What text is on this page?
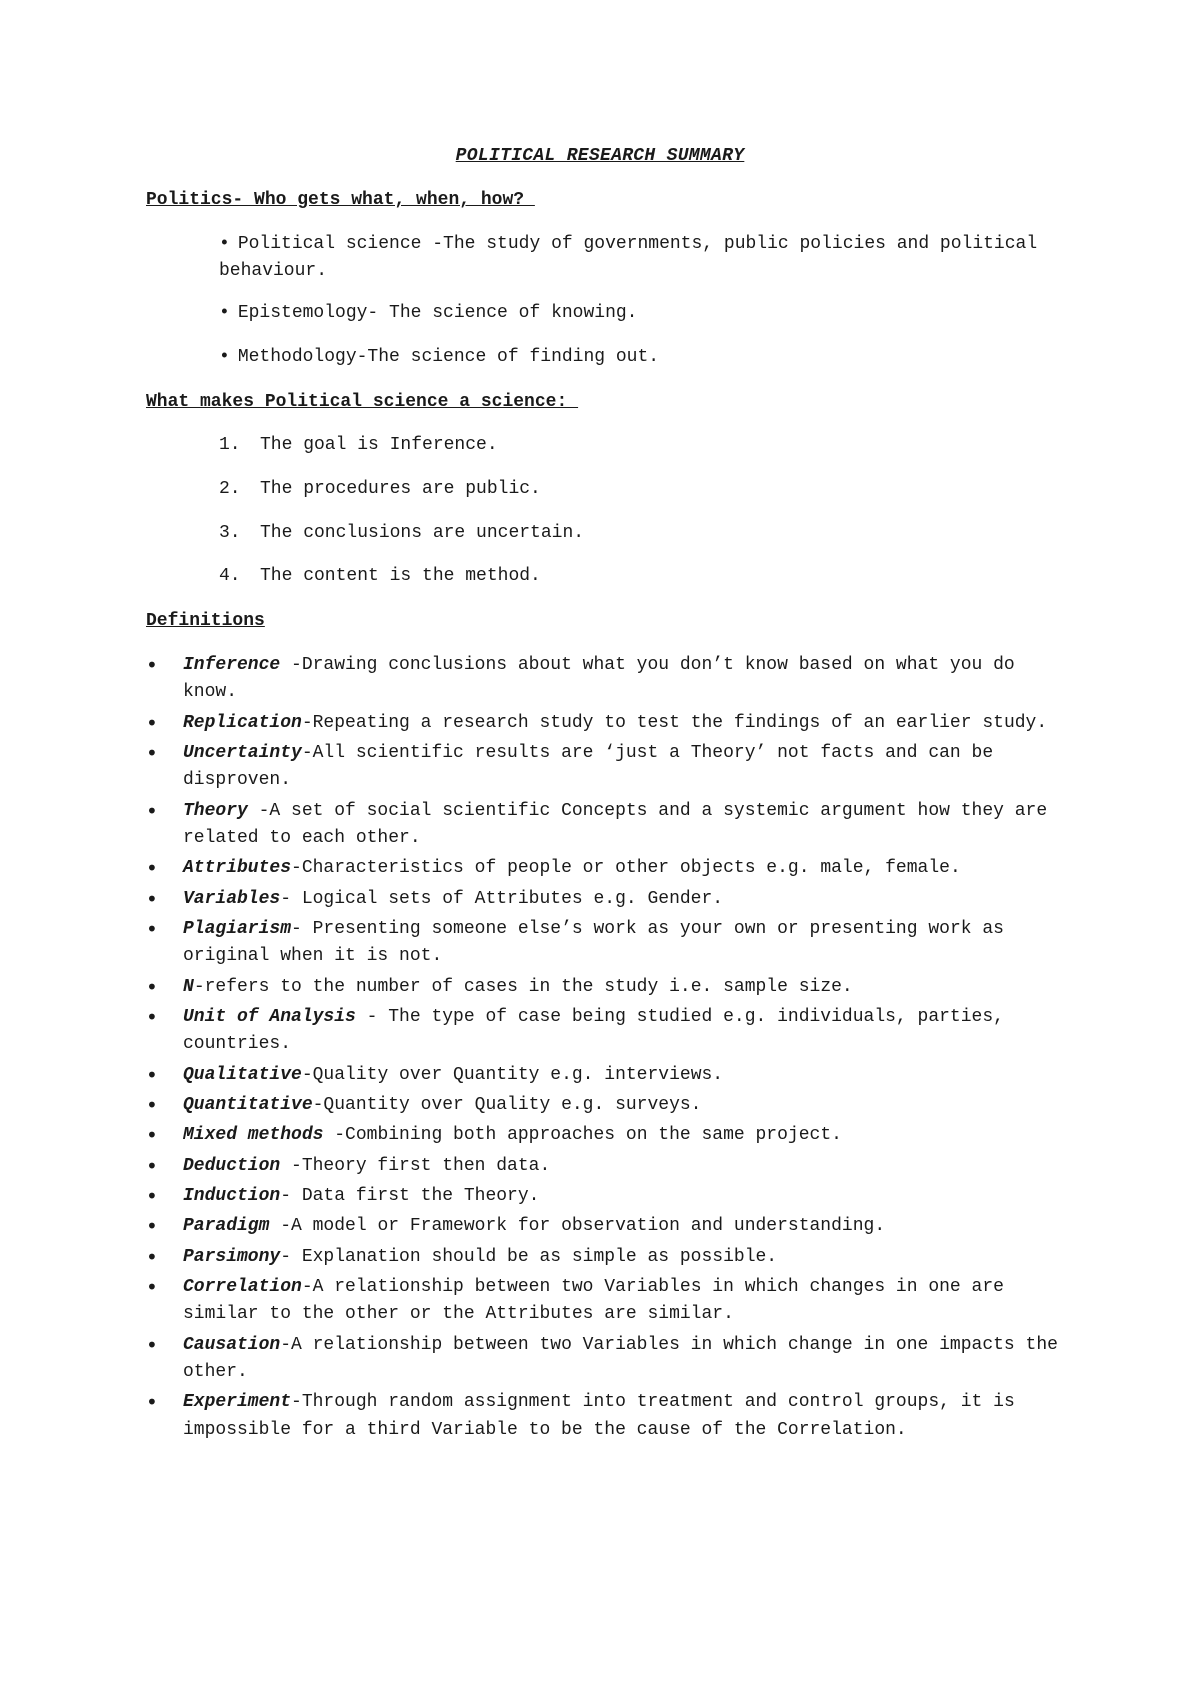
POLITICAL RESEARCH SUMMARY
Politics- Who gets what, when, how?

• Political science -The study of governments, public policies and political behaviour.

• Epistemology- The science of knowing.

• Methodology-The science of finding out.

What makes Political science a science:

1. The goal is Inference.

2. The procedures are public.

3. The conclusions are uncertain.

4. The content is the method.

Definitions
• Inference -Drawing conclusions about what you don’t know based on what you do know.
• Replication-Repeating a research study to test the findings of an earlier study.
• Uncertainty-All scientific results are ‘just a Theory’ not facts and can be disproven.
• Theory -A set of social scientific Concepts and a systemic argument how they are related to each other.
• Attributes-Characteristics of people or other objects e.g. male, female.
• Variables- Logical sets of Attributes e.g. Gender.
• Plagiarism- Presenting someone else’s work as your own or presenting work as original when it is not.
• N-refers to the number of cases in the study i.e. sample size.
• Unit of Analysis - The type of case being studied e.g. individuals, parties, countries.
• Qualitative-Quality over Quantity e.g. interviews.
• Quantitative-Quantity over Quality e.g. surveys.
• Mixed methods -Combining both approaches on the same project.
• Deduction -Theory first then data.
• Induction- Data first the Theory.
• Paradigm -A model or Framework for observation and understanding.
• Parsimony- Explanation should be as simple as possible.
• Correlation-A relationship between two Variables in which changes in one are similar to the other or the Attributes are similar.
• Causation-A relationship between two Variables in which change in one impacts the other.
• Experiment-Through random assignment into treatment and control groups, it is impossible for a third Variable to be the cause of the Correlation.
